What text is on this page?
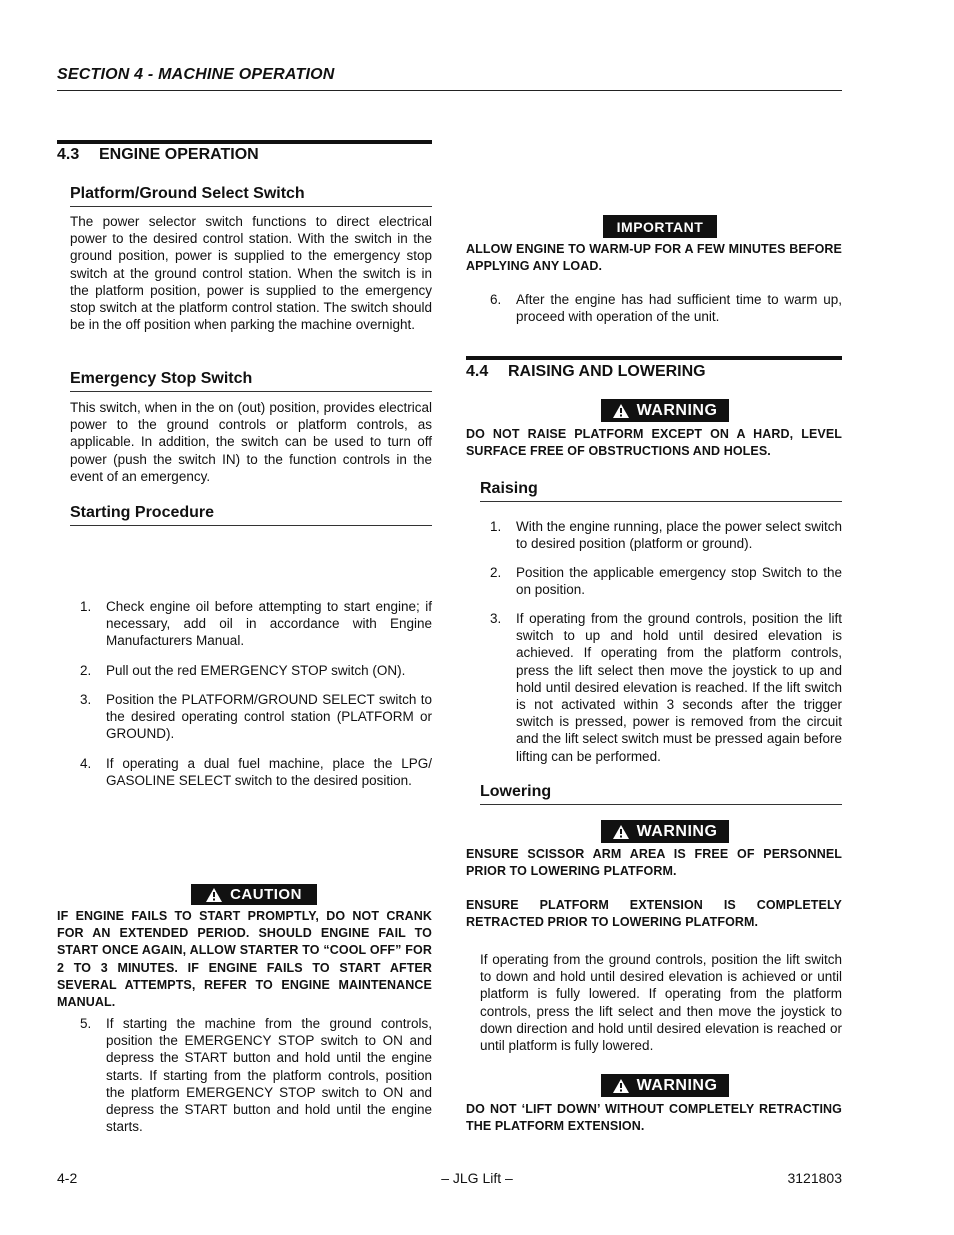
SECTION 4 - MACHINE OPERATION
4.3 ENGINE OPERATION
Platform/Ground Select Switch
The power selector switch functions to direct electrical power to the desired control station. With the switch in the ground position, power is supplied to the emergency stop switch at the ground control station. When the switch is in the platform position, power is supplied to the emergency stop switch at the platform control station. The switch should be in the off position when parking the machine overnight.
Emergency Stop Switch
This switch, when in the on (out) position, provides electrical power to the ground controls or platform controls, as applicable. In addition, the switch can be used to turn off power (push the switch IN) to the function controls in the event of an emergency.
Starting Procedure
1. Check engine oil before attempting to start engine; if necessary, add oil in accordance with Engine Manufacturers Manual.
2. Pull out the red EMERGENCY STOP switch (ON).
3. Position the PLATFORM/GROUND SELECT switch to the desired operating control station (PLATFORM or GROUND).
4. If operating a dual fuel machine, place the LPG/ GASOLINE SELECT switch to the desired position.
CAUTION
IF ENGINE FAILS TO START PROMPTLY, DO NOT CRANK FOR AN EXTENDED PERIOD. SHOULD ENGINE FAIL TO START ONCE AGAIN, ALLOW STARTER TO “COOL OFF” FOR 2 TO 3 MINUTES. IF ENGINE FAILS TO START AFTER SEVERAL ATTEMPTS, REFER TO ENGINE MAINTENANCE MANUAL.
5. If starting the machine from the ground controls, position the EMERGENCY STOP switch to ON and depress the START button and hold until the engine starts. If starting from the platform controls, position the platform EMERGENCY STOP switch to ON and depress the START button and hold until the engine starts.
IMPORTANT
ALLOW ENGINE TO WARM-UP FOR A FEW MINUTES BEFORE APPLYING ANY LOAD.
6. After the engine has had sufficient time to warm up, proceed with operation of the unit.
4.4 RAISING AND LOWERING
WARNING
DO NOT RAISE PLATFORM EXCEPT ON A HARD, LEVEL SURFACE FREE OF OBSTRUCTIONS AND HOLES.
Raising
1. With the engine running, place the power select switch to desired position (platform or ground).
2. Position the applicable emergency stop Switch to the on position.
3. If operating from the ground controls, position the lift switch to up and hold until desired elevation is achieved. If operating from the platform controls, press the lift select then move the joystick to up and hold until desired elevation is reached. If the lift switch is not activated within 3 seconds after the trigger switch is pressed, power is removed from the circuit and the lift select switch must be pressed again before lifting can be performed.
Lowering
WARNING
ENSURE SCISSOR ARM AREA IS FREE OF PERSONNEL PRIOR TO LOWERING PLATFORM.
ENSURE PLATFORM EXTENSION IS COMPLETELY RETRACTED PRIOR TO LOWERING PLATFORM.
If operating from the ground controls, position the lift switch to down and hold until desired elevation is achieved or until platform is fully lowered. If operating from the platform controls, press the lift select and then move the joystick to down direction and hold until desired elevation is reached or until platform is fully lowered.
WARNING
DO NOT ‘LIFT DOWN’ WITHOUT COMPLETELY RETRACTING THE PLATFORM EXTENSION.
4-2	– JLG Lift –	3121803
